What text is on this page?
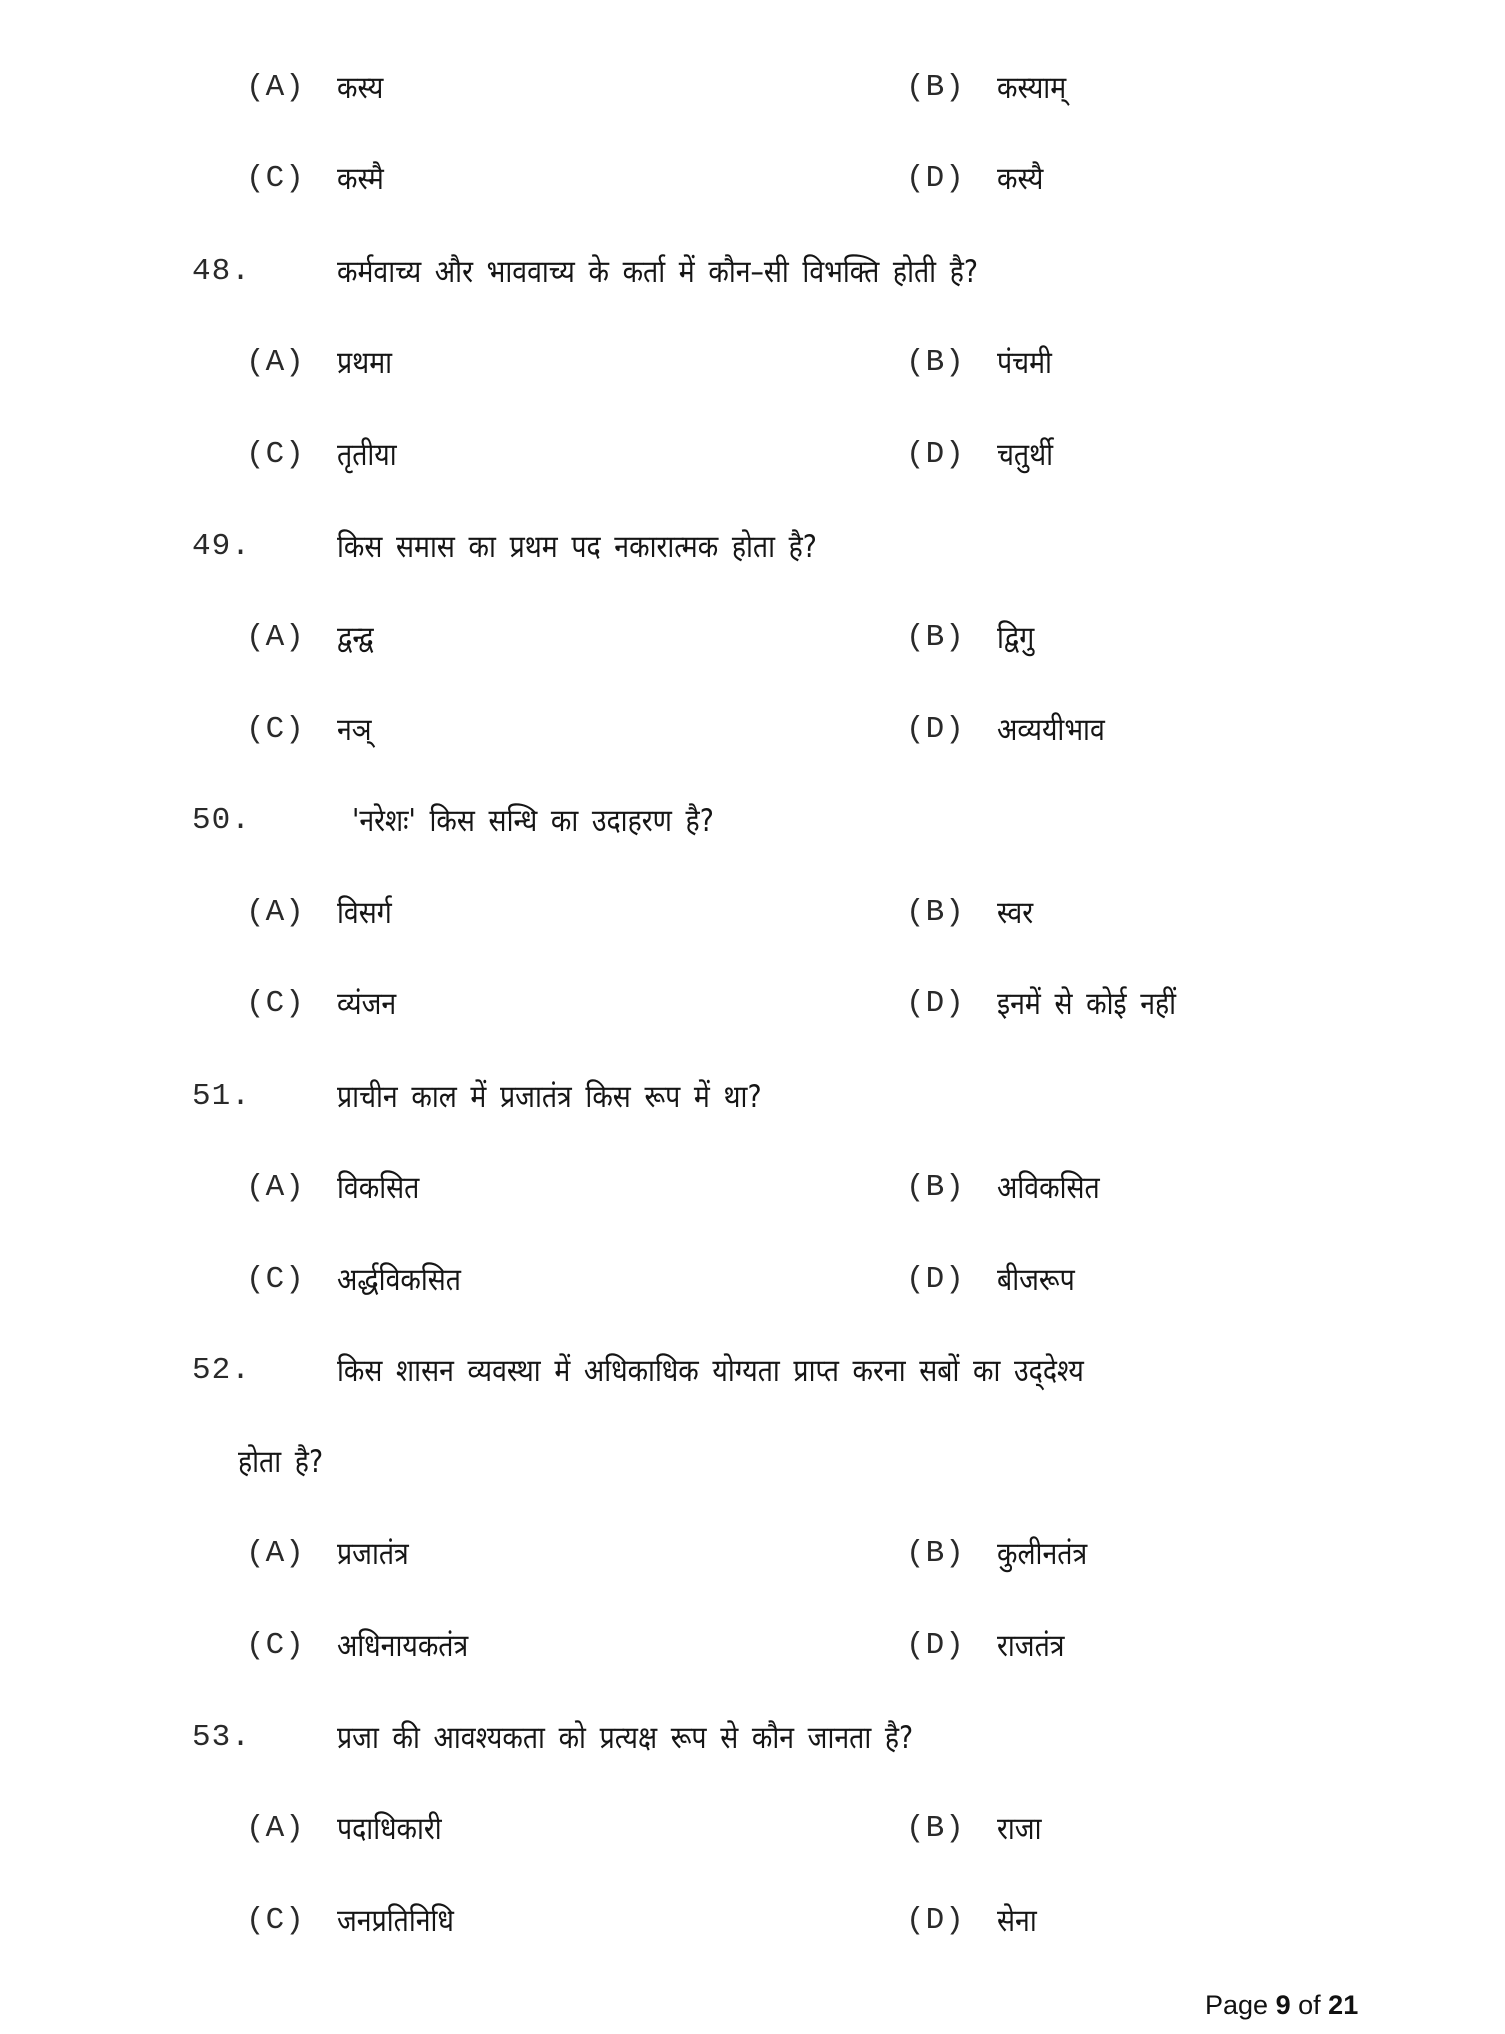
(A) कस्य	(B) कस्याम्
(C) कस्मै	(D) कस्यै
48.	कर्मवाच्य और भाववाच्य के कर्ता में कौन–सी विभक्ति होती है?
(A) प्रथमा	(B) पंचमी
(C) तृतीया	(D) चतुर्थी
49.	किस समास का प्रथम पद नकारात्मक होता है?
(A) द्वन्द्व	(B) द्विगु
(C) नञ्	(D) अव्ययीभाव
50.	'नरेशः' किस सन्धि का उदाहरण है?
(A) विसर्ग	(B) स्वर
(C) व्यंजन	(D) इनमें से कोई नहीं
51.	प्राचीन काल में प्रजातंत्र किस रूप में था?
(A) विकसित	(B) अविकसित
(C) अर्द्धविकसित	(D) बीजरूप
52.	किस शासन व्यवस्था में अधिकाधिक योग्यता प्राप्त करना सबों का उद्‌देश्य
होता है?
(A) प्रजातंत्र	(B) कुलीनतंत्र
(C) अधिनायकतंत्र	(D) राजतंत्र
53.	प्रजा की आवश्यकता को प्रत्यक्ष रूप से कौन जानता है?
(A) पदाधिकारी	(B) राजा
(C) जनप्रतिनिधि	(D) सेना
Page 9 of 21
